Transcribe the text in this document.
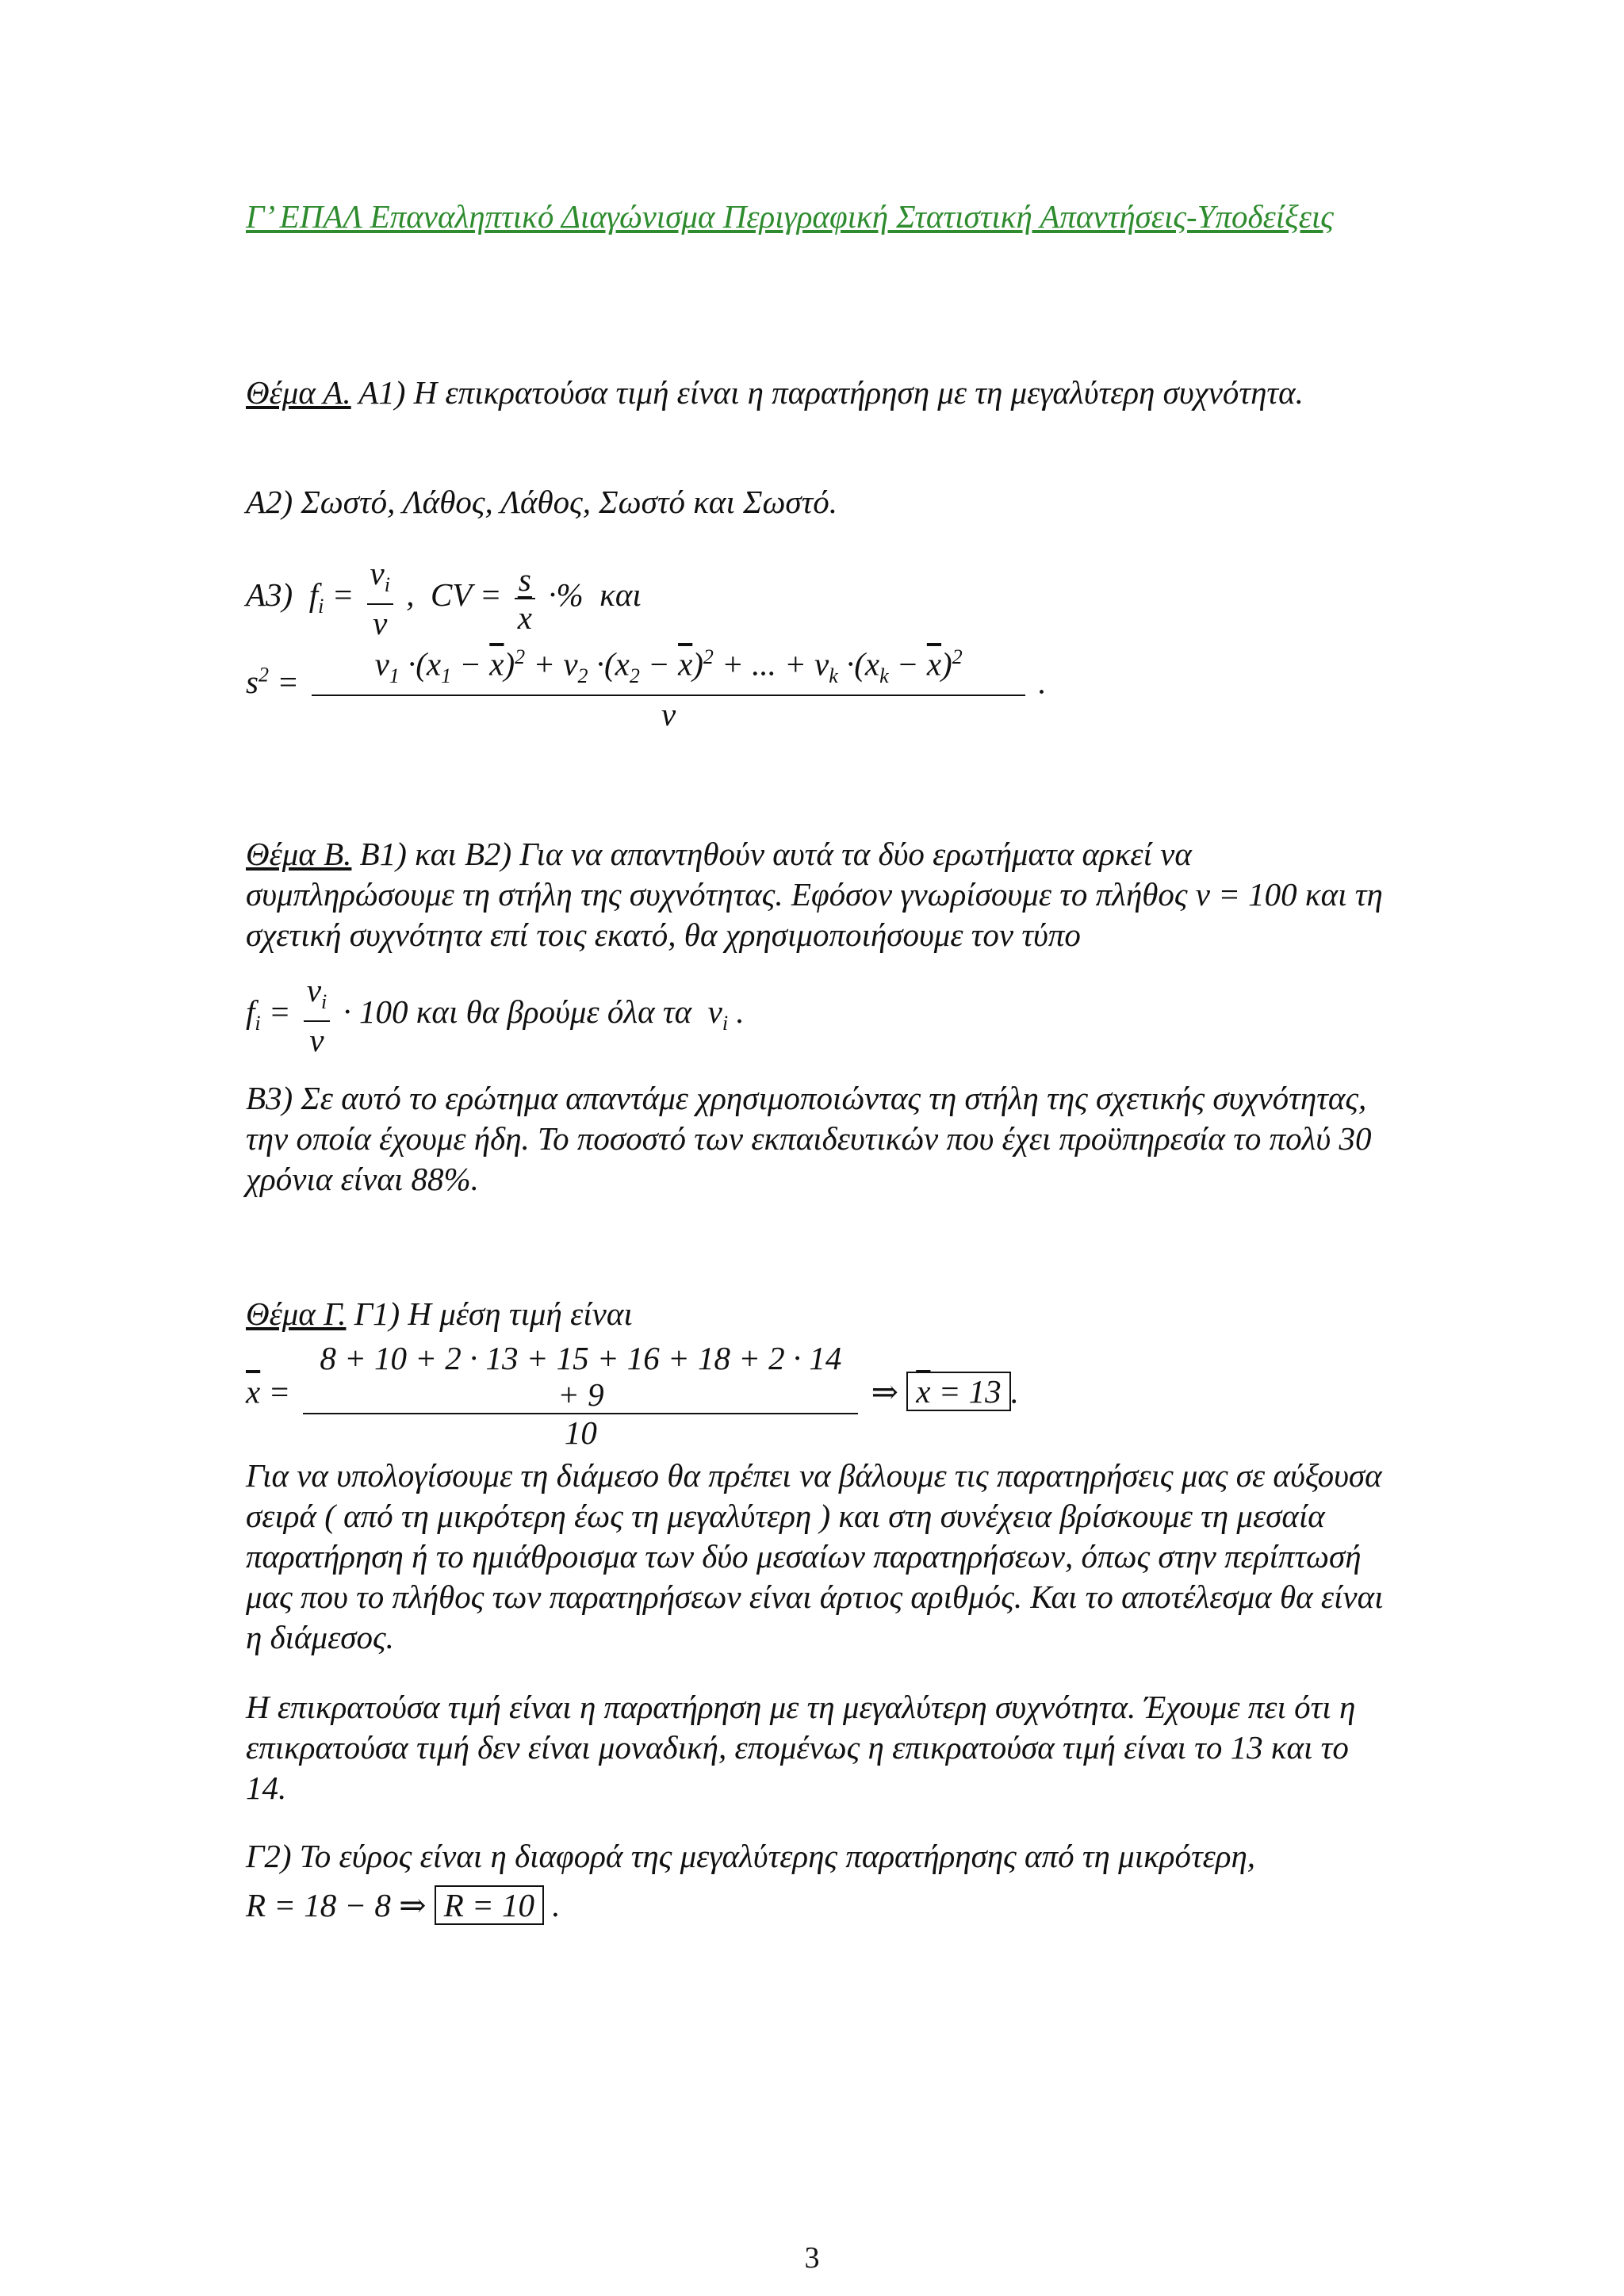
Γ’ ΕΠΑΛ Επαναληπτικό Διαγώνισμα Περιγραφική Στατιστική Απαντήσεις-Υποδείξεις
Θέμα Α. Α1) Η επικρατούσα τιμή είναι η παρατήρηση με τη μεγαλύτερη συχνότητα.
Α2) Σωστό, Λάθος, Λάθος, Σωστό και Σωστό.
Α3)  $f_i = \frac{v_i}{v}$ ,  CV = $\frac{s}{x}$ ·%  και
$s^2 = \frac{v_1 \cdot(x_1 - \overline{x})^2 + v_2 \cdot(x_2 - \overline{x})^2 + ... + v_k \cdot(x_k - \overline{x})^2}{v}$ .
Θέμα Β. Β1) και Β2) Για να απαντηθούν αυτά τα δύο ερωτήματα αρκεί να συμπληρώσουμε τη στήλη της συχνότητας. Εφόσον γνωρίσουμε το πλήθος ν = 100 και τη σχετική συχνότητα επί τοις εκατό, θα χρησιμοποιήσουμε τον τύπο
$f_i = \frac{v_i}{v} \cdot 100$ και θα βρούμε όλα τα  $v_i$ .
Β3) Σε αυτό το ερώτημα απαντάμε χρησιμοποιώντας τη στήλη της σχετικής συχνότητας, την οποία έχουμε ήδη. Το ποσοστό των εκπαιδευτικών που έχει προϋπηρεσία το πολύ 30 χρόνια είναι 88%.
Θέμα Γ. Γ1) Η μέση τιμή είναι
$\overline{x} = \frac{8 + 10 + 2 \cdot 13 + 15 + 16 + 18 + 2 \cdot 14 + 9}{10}$ ⇒ $\overline{x} = 13$ .
Για να υπολογίσουμε τη διάμεσο θα πρέπει να βάλουμε τις παρατηρήσεις μας σε αύξουσα σειρά ( από τη μικρότερη έως τη μεγαλύτερη ) και στη συνέχεια βρίσκουμε τη μεσαία παρατήρηση ή το ημιάθροισμα των δύο μεσαίων παρατηρήσεων, όπως στην περίπτωσή μας που το πλήθος των παρατηρήσεων είναι άρτιος αριθμός. Και το αποτέλεσμα θα είναι η διάμεσος.
Η επικρατούσα τιμή είναι η παρατήρηση με τη μεγαλύτερη συχνότητα. Έχουμε πει ότι η επικρατούσα τιμή δεν είναι μοναδική, επομένως η επικρατούσα τιμή είναι το 13 και το 14.
Γ2) Το εύρος είναι η διαφορά της μεγαλύτερης παρατήρησης από τη μικρότερη,
R = 18 − 8 ⇒ R = 10 .
3
